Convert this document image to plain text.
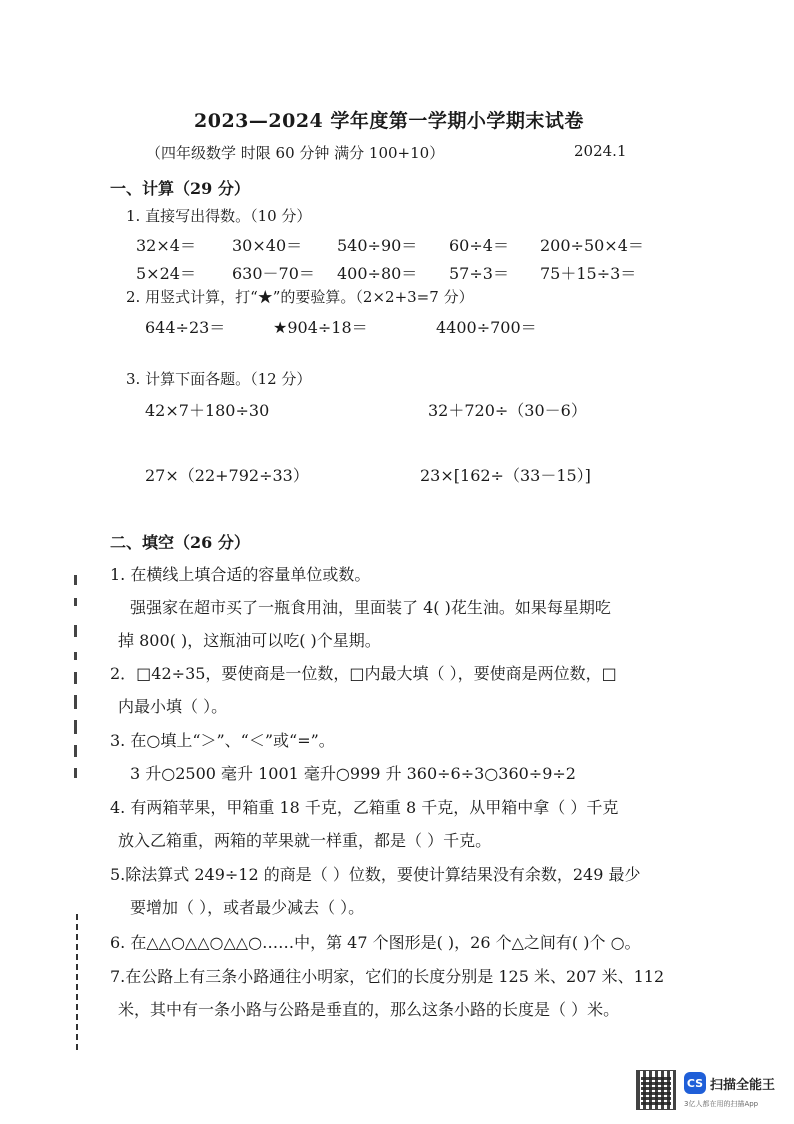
2023—2024 学年度第一学期小学期末试卷
（四年级数学 时限 60 分钟 满分 100+10）	2024.1
一、计算（29 分）
1. 直接写出得数。（10 分）
32×4＝ 30×40＝ 540÷90＝ 60÷4＝ 200÷50×4＝
5×24＝ 630－70＝ 400÷80＝ 57÷3＝ 75＋15÷3＝
2. 用竖式计算，打“★”的要验算。（2×2+3=7 分）
644÷23＝	★904÷18＝	4400÷700＝
3. 计算下面各题。（12 分）
42×7＋180÷30	32＋720÷（30－6）
27×（22+792÷33）	23×[162÷（33－15）]
二、填空（26 分）
1. 在横线上填合适的容量单位或数。
强强家在超市买了一瓶食用油，里面装了 4( )花生油。如果每星期吃
掉 800( )，这瓶油可以吃( )个星期。
2．□42÷35，要使商是一位数，□内最大填（ ），要使商是两位数，□
内最小填（ ）。
3. 在○填上“＞”、“＜”或“=”。
3 升○2500 毫升 1001 毫升○999 升 360÷6÷3○360÷9÷2
4. 有两箱苹果，甲箱重 18 千克，乙箱重 8 千克，从甲箱中拿（ ）千克
放入乙箱重，两箱的苹果就一样重，都是（ ）千克。
5.除法算式 249÷12 的商是（ ）位数，要使计算结果没有余数，249 最少
要增加（ ），或者最少减去（ ）。
6. 在△△○△△○△△○……中，第 47 个图形是( )，26 个△之间有( )个 ○。
7.在公路上有三条小路通往小明家，它们的长度分别是 125 米、207 米、112
米，其中有一条小路与公路是垂直的，那么这条小路的长度是（ ）米。
CS 扫描全能王
3亿人都在用的扫描App
